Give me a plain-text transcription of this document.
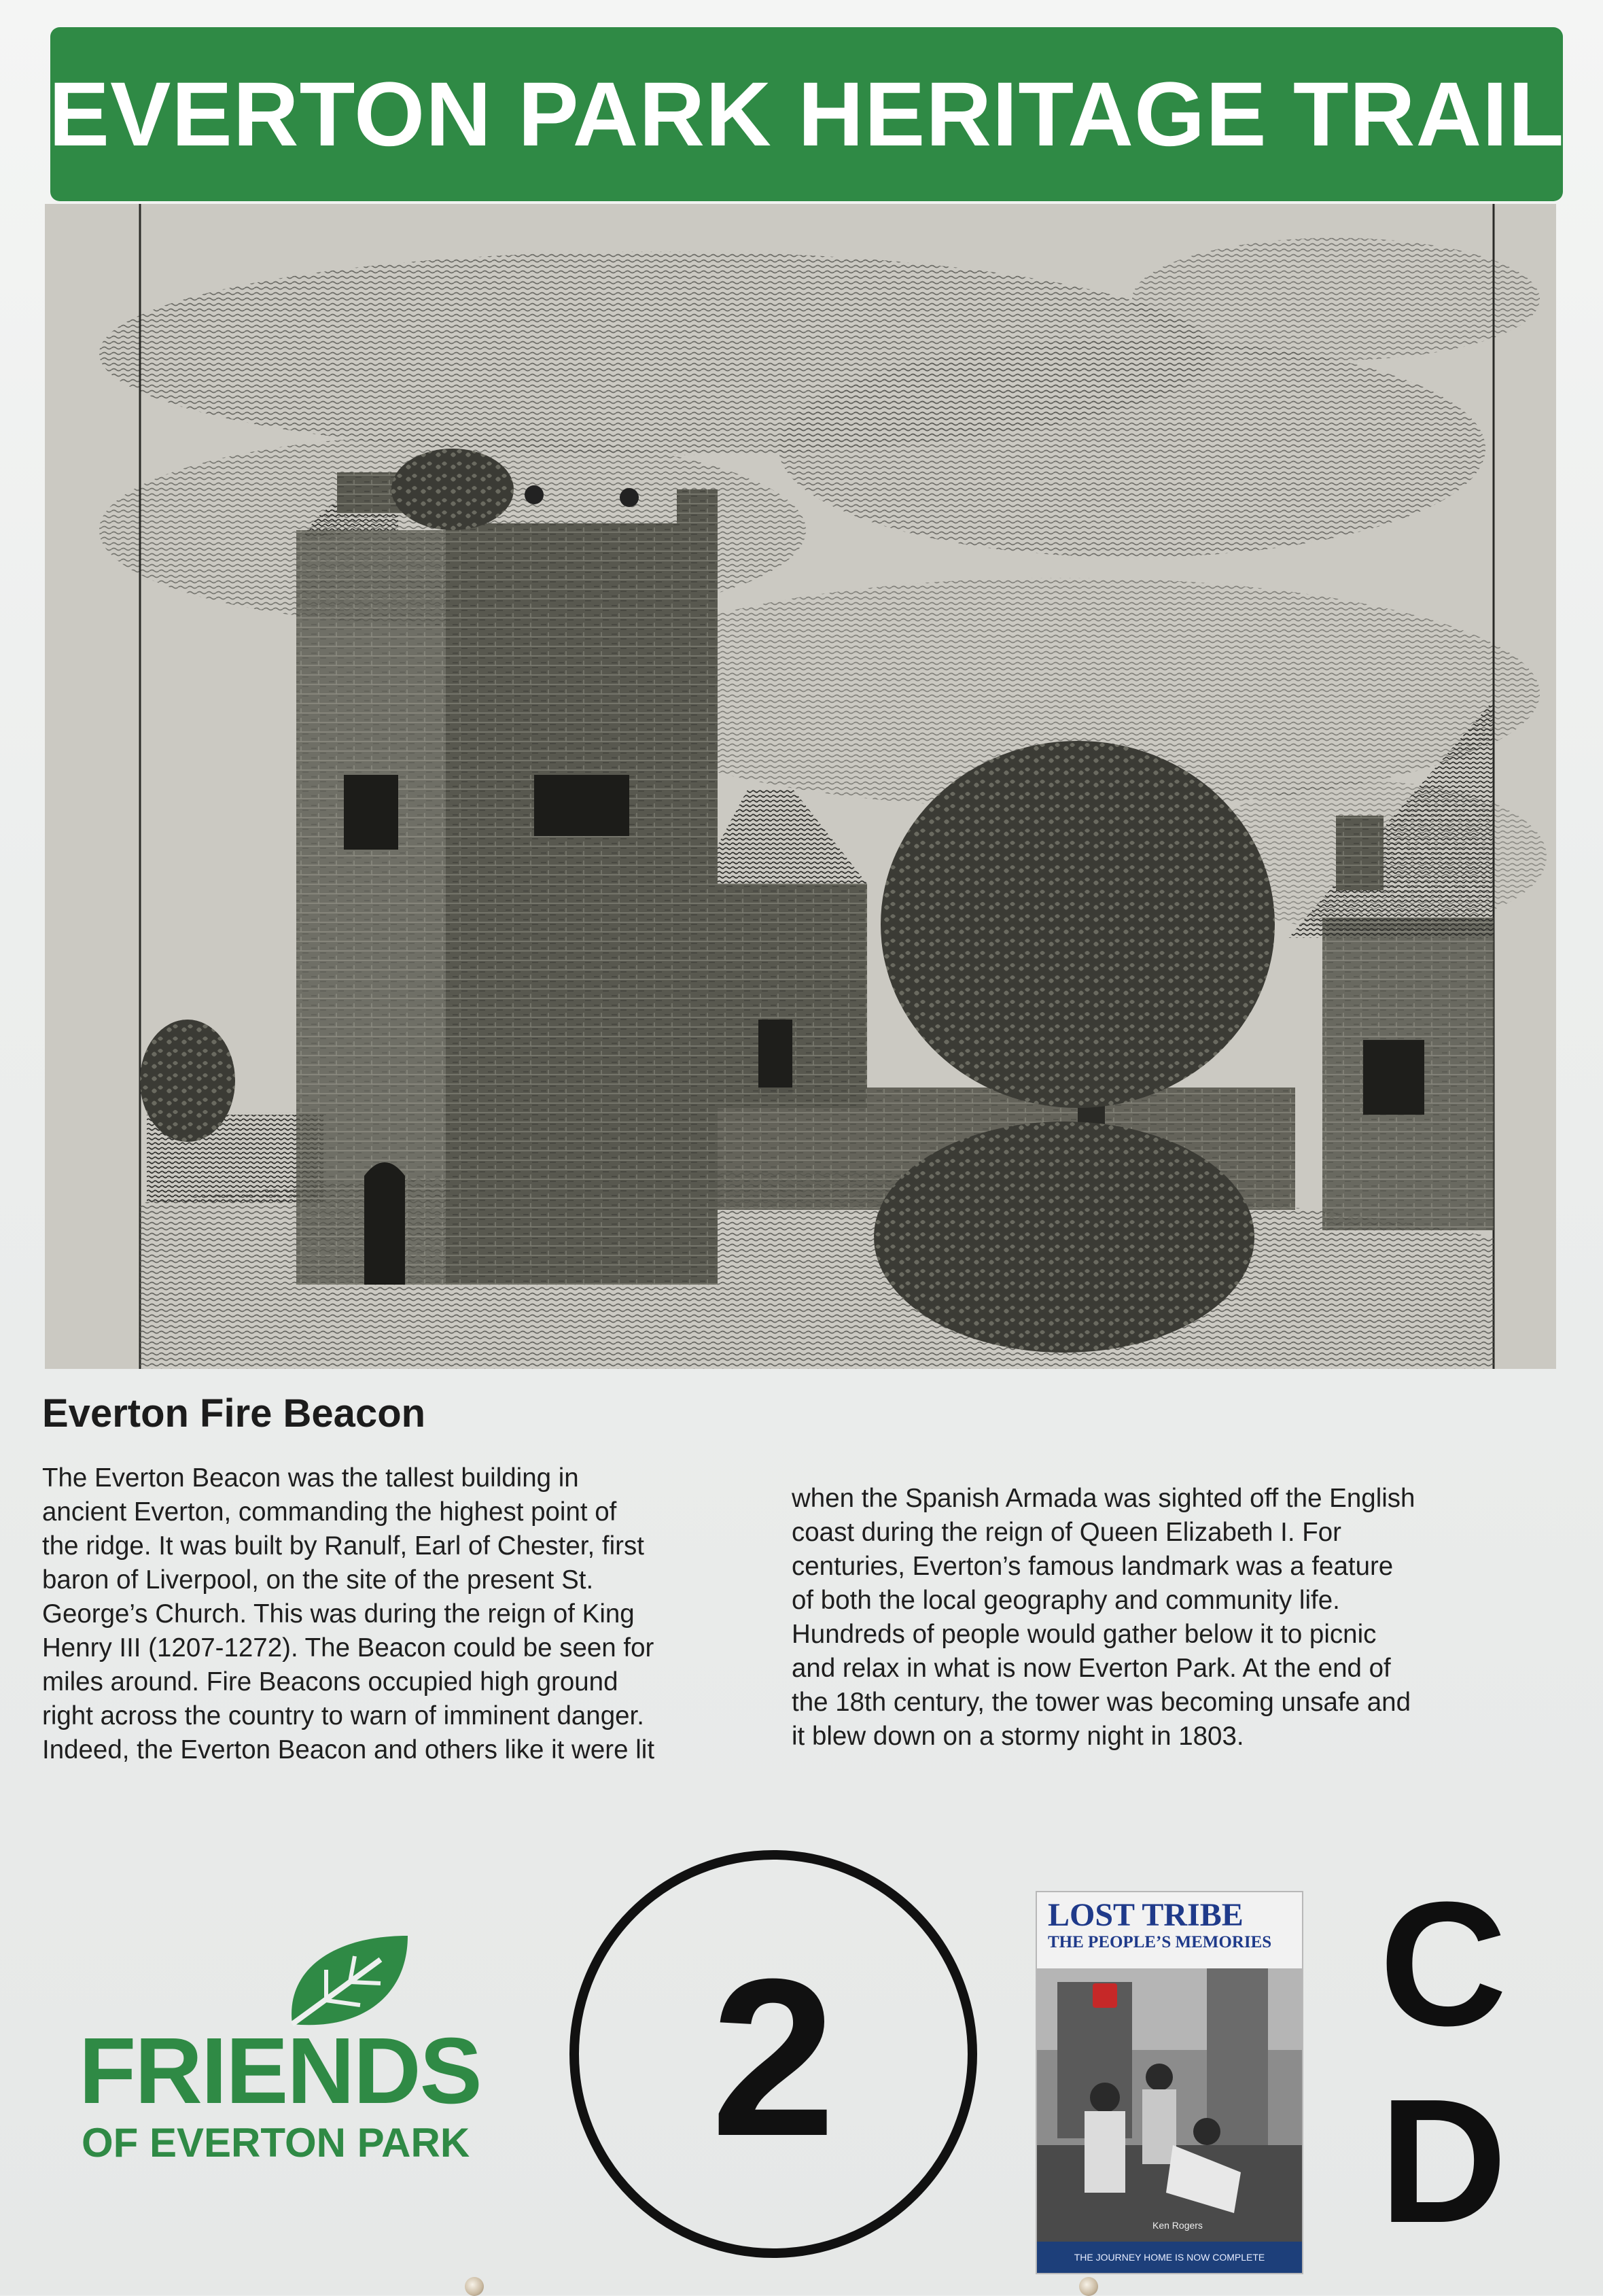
EVERTON PARK HERITAGE TRAIL
Everton Fire Beacon

The Everton Beacon was the tallest building in

ancient Everton, commanding the highest point of

the ridge. It was built by Ranulf, Earl of Chester, first

baron of Liverpool, on the site of the present St.

George’s Church. This was during the reign of King

Henry III (1207-1272). The Beacon could be seen for

miles around. Fire Beacons occupied high ground

right across the country to warn of imminent danger.

Indeed, the Everton Beacon and others like it were lit

when the Spanish Armada was sighted off the English

coast during the reign of Queen Elizabeth I. For

centuries, Everton’s famous landmark was a feature

of both the local geography and community life.

Hundreds of people would gather below it to picnic

and relax in what is now Everton Park. At the end of

the 18th century, the tower was becoming unsafe and

it blew down on a stormy night in 1803.

FRIENDS
OF EVERTON PARK 2
LOST TRIBE
THE PEOPLE’S MEMORIES
Ken Rogers
THE JOURNEY HOME IS NOW COMPLETE
C
D
